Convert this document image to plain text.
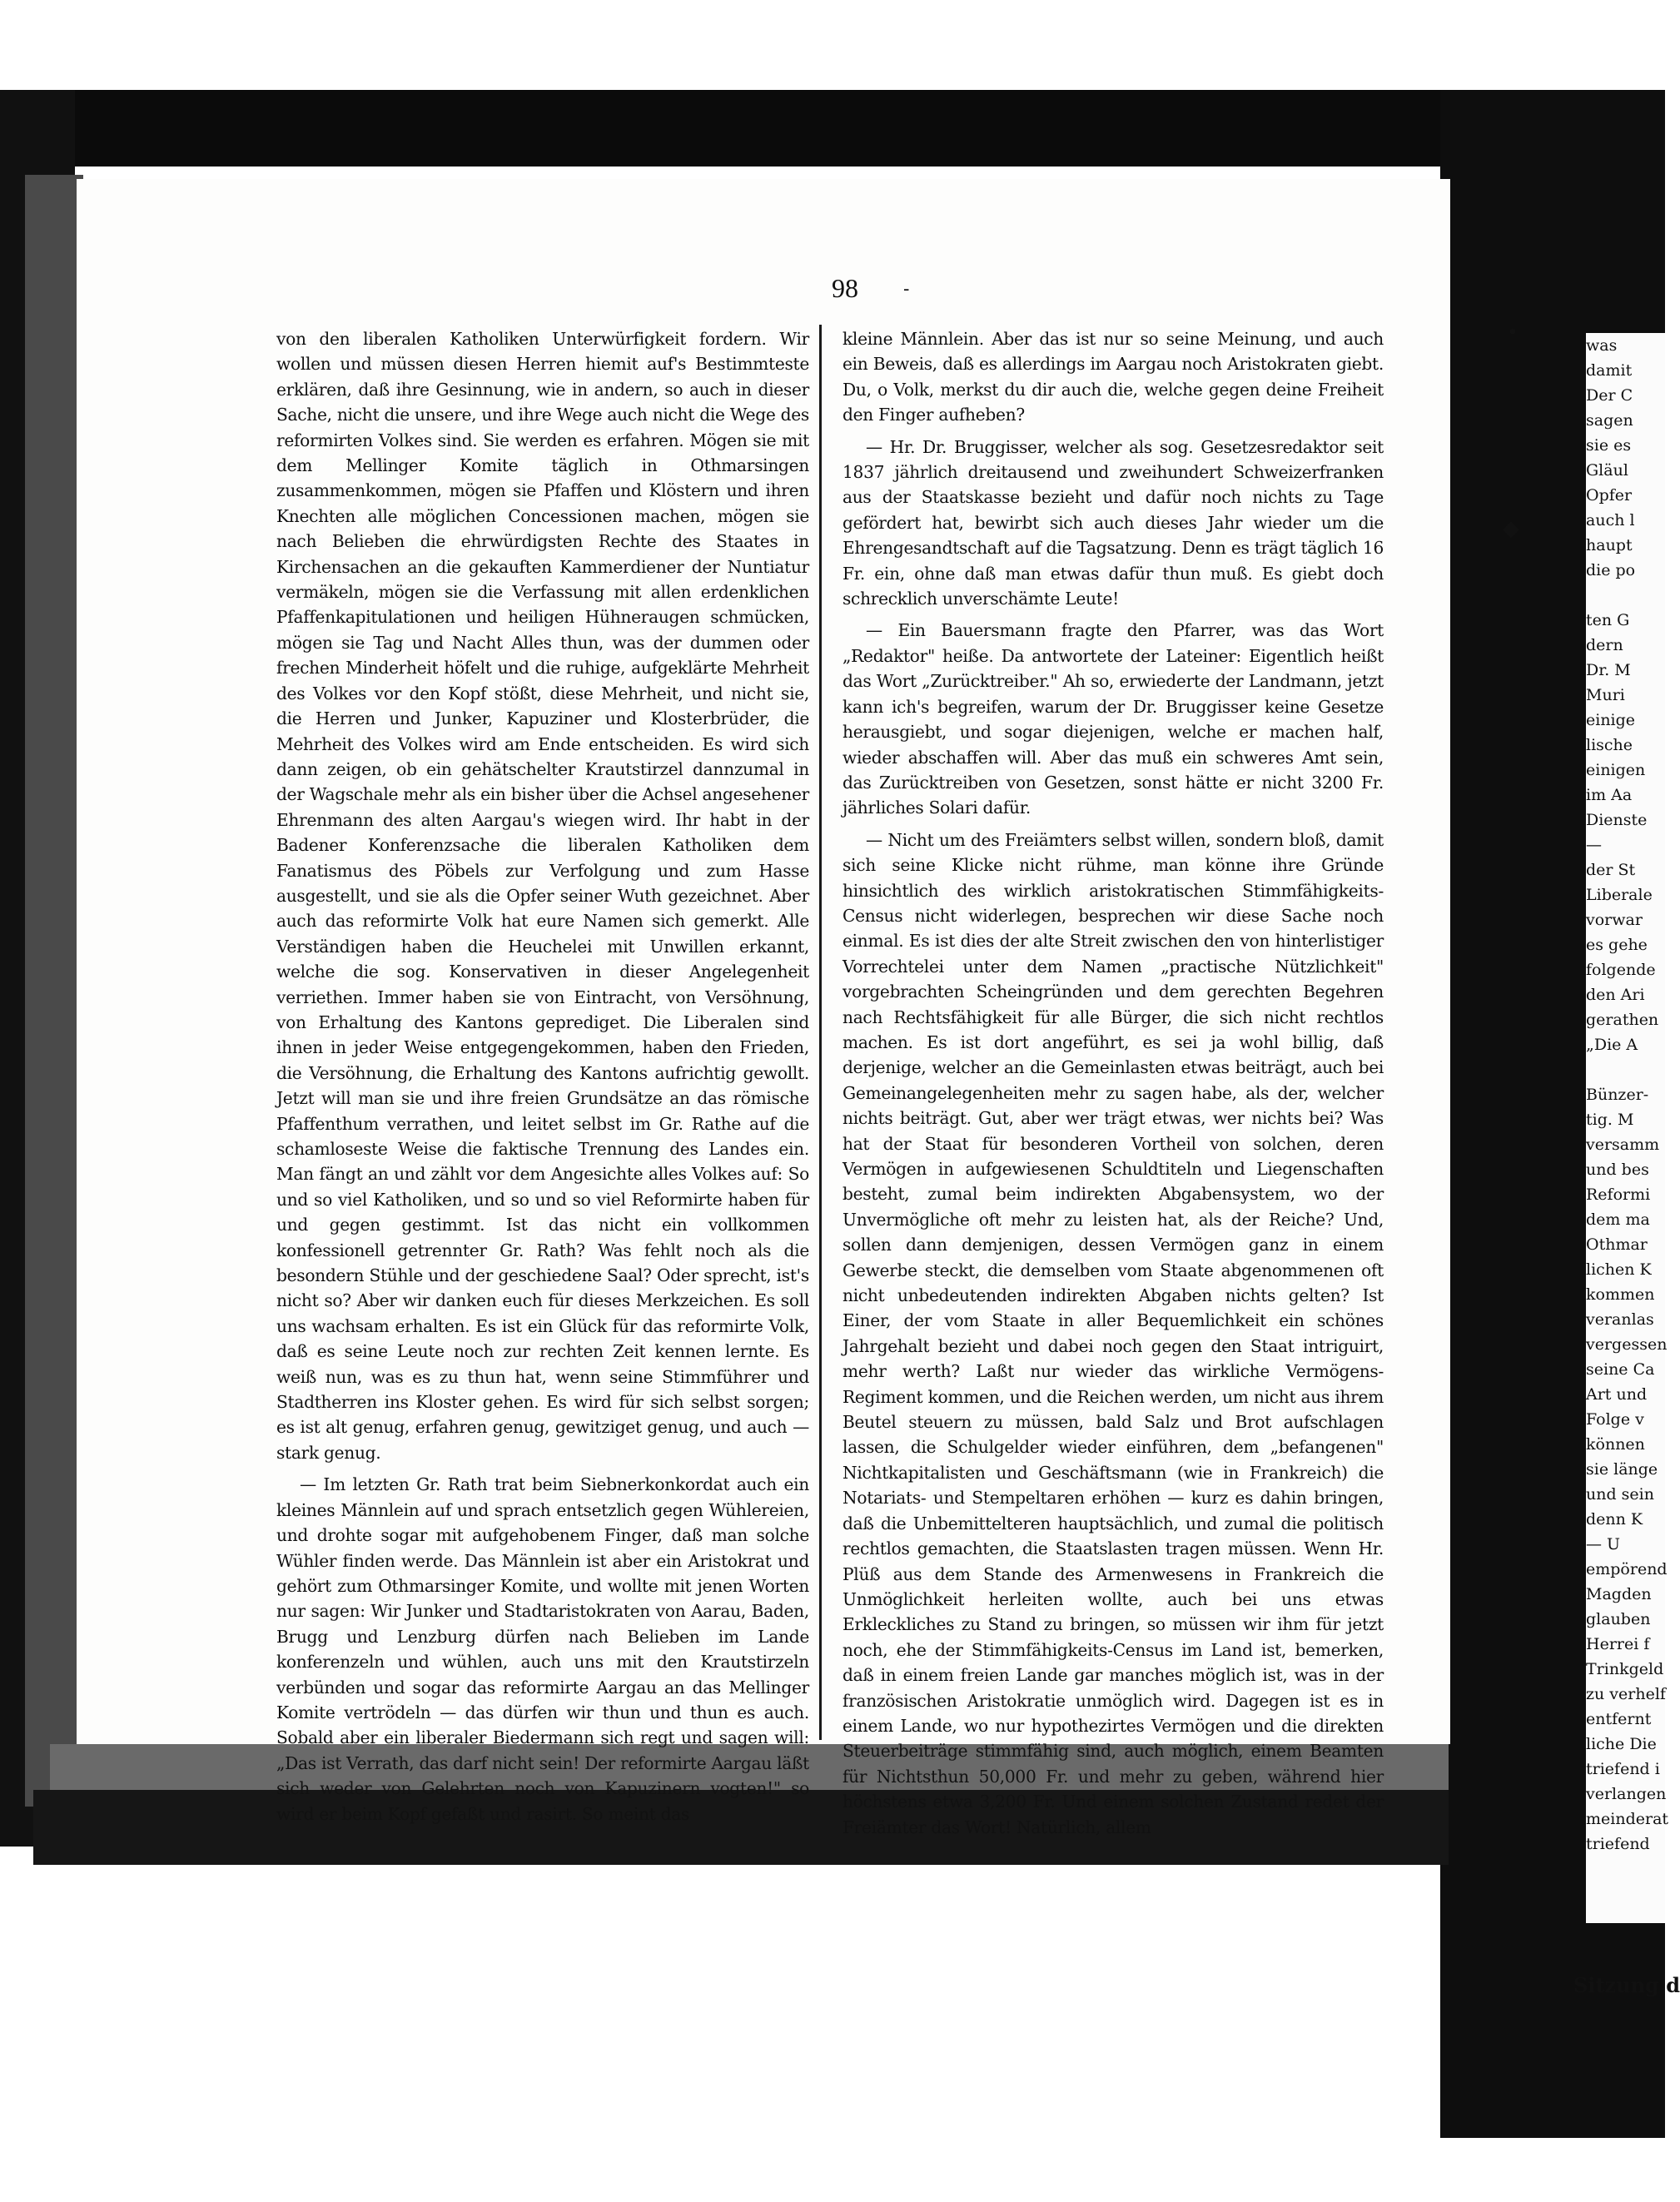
98	-

von den liberalen Katholiken Unterwürfigkeit fordern. Wir wollen und müssen diesen Herren hiemit auf's Bestimmteste erklären, daß ihre Gesinnung, wie in andern, so auch in dieser Sache, nicht die unsere, und ihre Wege auch nicht die Wege des reformirten Volkes sind. Sie werden es erfahren. Mögen sie mit dem Mellinger Komite täglich in Othmarsingen zusammenkommen, mögen sie Pfaffen und Klöstern und ihren Knechten alle möglichen Concessionen machen, mögen sie nach Belieben die ehrwürdigsten Rechte des Staates in Kirchensachen an die gekauften Kammerdiener der Nuntiatur vermäkeln, mögen sie die Verfassung mit allen erdenklichen Pfaffenkapitulationen und heiligen Hühneraugen schmücken, mögen sie Tag und Nacht Alles thun, was der dummen oder frechen Minderheit höfelt und die ruhige, aufgeklärte Mehrheit des Volkes vor den Kopf stößt, diese Mehrheit, und nicht sie, die Herren und Junker, Kapuziner und Klosterbrüder, die Mehrheit des Volkes wird am Ende entscheiden. Es wird sich dann zeigen, ob ein gehätschelter Krautstirzel dannzumal in der Wagschale mehr als ein bisher über die Achsel angesehener Ehrenmann des alten Aargau's wiegen wird. Ihr habt in der Badener Konferenzsache die liberalen Katholiken dem Fanatismus des Pöbels zur Verfolgung und zum Hasse ausgestellt, und sie als die Opfer seiner Wuth gezeichnet. Aber auch das reformirte Volk hat eure Namen sich gemerkt. Alle Verständigen haben die Heuchelei mit Unwillen erkannt, welche die sog. Konservativen in dieser Angelegenheit verriethen. Immer haben sie von Eintracht, von Versöhnung, von Erhaltung des Kantons geprediget. Die Liberalen sind ihnen in jeder Weise entgegengekommen, haben den Frieden, die Versöhnung, die Erhaltung des Kantons aufrichtig gewollt. Jetzt will man sie und ihre freien Grundsätze an das römische Pfaffenthum verrathen, und leitet selbst im Gr. Rathe auf die schamloseste Weise die faktische Trennung des Landes ein. Man fängt an und zählt vor dem Angesichte alles Volkes auf: So und so viel Katholiken, und so und so viel Reformirte haben für und gegen gestimmt. Ist das nicht ein vollkommen konfessionell getrennter Gr. Rath? Was fehlt noch als die besondern Stühle und der geschiedene Saal? Oder sprecht, ist's nicht so? Aber wir danken euch für dieses Merkzeichen. Es soll uns wachsam erhalten. Es ist ein Glück für das reformirte Volk, daß es seine Leute noch zur rechten Zeit kennen lernte. Es weiß nun, was es zu thun hat, wenn seine Stimmführer und Stadtherren ins Kloster gehen. Es wird für sich selbst sorgen; es ist alt genug, erfahren genug, gewitziget genug, und auch — stark genug.

— Im letzten Gr. Rath trat beim Siebnerkonkordat auch ein kleines Männlein auf und sprach entsetzlich gegen Wühlereien, und drohte sogar mit aufgehobenem Finger, daß man solche Wühler finden werde. Das Männlein ist aber ein Aristokrat und gehört zum Othmarsinger Komite, und wollte mit jenen Worten nur sagen: Wir Junker und Stadtaristokraten von Aarau, Baden, Brugg und Lenzburg dürfen nach Belieben im Lande konferenzeln und wühlen, auch uns mit den Krautstirzeln verbünden und sogar das reformirte Aargau an das Mellinger Komite vertrödeln — das dürfen wir thun und thun es auch. Sobald aber ein liberaler Biedermann sich regt und sagen will: „Das ist Verrath, das darf nicht sein! Der reformirte Aargau läßt sich weder von Gelehrten noch von Kapuzinern vogten!" so wird er beim Kopf gefaßt und rasirt. So meint das

kleine Männlein. Aber das ist nur so seine Meinung, und auch ein Beweis, daß es allerdings im Aargau noch Aristokraten giebt. Du, o Volk, merkst du dir auch die, welche gegen deine Freiheit den Finger aufheben?

— Hr. Dr. Bruggisser, welcher als sog. Gesetzesredaktor seit 1837 jährlich dreitausend und zweihundert Schweizerfranken aus der Staatskasse bezieht und dafür noch nichts zu Tage gefördert hat, bewirbt sich auch dieses Jahr wieder um die Ehrengesandtschaft auf die Tagsatzung. Denn es trägt täglich 16 Fr. ein, ohne daß man etwas dafür thun muß. Es giebt doch schrecklich unverschämte Leute!

— Ein Bauersmann fragte den Pfarrer, was das Wort „Redaktor" heiße. Da antwortete der Lateiner: Eigentlich heißt das Wort „Zurücktreiber." Ah so, erwiederte der Landmann, jetzt kann ich's begreifen, warum der Dr. Bruggisser keine Gesetze herausgiebt, und sogar diejenigen, welche er machen half, wieder abschaffen will. Aber das muß ein schweres Amt sein, das Zurücktreiben von Gesetzen, sonst hätte er nicht 3200 Fr. jährliches Solari dafür.

— Nicht um des Freiämters selbst willen, sondern bloß, damit sich seine Klicke nicht rühme, man könne ihre Gründe hinsichtlich des wirklich aristokratischen Stimmfähigkeits-Census nicht widerlegen, besprechen wir diese Sache noch einmal. Es ist dies der alte Streit zwischen den von hinterlistiger Vorrechtelei unter dem Namen „practische Nützlichkeit" vorgebrachten Scheingründen und dem gerechten Begehren nach Rechtsfähigkeit für alle Bürger, die sich nicht rechtlos machen. Es ist dort angeführt, es sei ja wohl billig, daß derjenige, welcher an die Gemeinlasten etwas beiträgt, auch bei Gemeinangelegenheiten mehr zu sagen habe, als der, welcher nichts beiträgt. Gut, aber wer trägt etwas, wer nichts bei? Was hat der Staat für besonderen Vortheil von solchen, deren Vermögen in aufgewiesenen Schuldtiteln und Liegenschaften besteht, zumal beim indirekten Abgabensystem, wo der Unvermögliche oft mehr zu leisten hat, als der Reiche? Und, sollen dann demjenigen, dessen Vermögen ganz in einem Gewerbe steckt, die demselben vom Staate abgenommenen oft nicht unbedeutenden indirekten Abgaben nichts gelten? Ist Einer, der vom Staate in aller Bequemlichkeit ein schönes Jahrgehalt bezieht und dabei noch gegen den Staat intriguirt, mehr werth? Laßt nur wieder das wirkliche Vermögens-Regiment kommen, und die Reichen werden, um nicht aus ihrem Beutel steuern zu müssen, bald Salz und Brot aufschlagen lassen, die Schulgelder wieder einführen, dem „befangenen" Nichtkapitalisten und Geschäftsmann (wie in Frankreich) die Notariats- und Stempeltaren erhöhen — kurz es dahin bringen, daß die Unbemittelteren hauptsächlich, und zumal die politisch rechtlos gemachten, die Staatslasten tragen müssen. Wenn Hr. Plüß aus dem Stande des Armenwesens in Frankreich die Unmöglichkeit herleiten wollte, auch bei uns etwas Erkleckliches zu Stand zu bringen, so müssen wir ihm für jetzt noch, ehe der Stimmfähigkeits-Census im Land ist, bemerken, daß in einem freien Lande gar manches möglich ist, was in der französischen Aristokratie unmöglich wird. Dagegen ist es in einem Lande, wo nur hypothezirtes Vermögen und die direkten Steuerbeiträge stimmfähig sind, auch möglich, einem Beamten für Nichtsthun 50,000 Fr. und mehr zu geben, während hier höchstens etwa 3,200 Fr. Und einem solchen Zustand redet der Freiämter das Wort! Natürlich, allem

•
◆

was

damit

Der C

sagen

sie es

Gläul

Opfer

auch l

haupt

die po

ten G

dern

Dr. M

Muri

einige

lische

einigen

im Aa

Dienste

—

der St

Liberale

vorwar

es gehe

folgende

den Ari

gerathen

„Die A

Bünzer-

tig. M

versamm

und bes

Reformi

dem ma

Othmar

lichen K

kommen

veranlas

vergessen

seine Ca

Art und

Folge v

können

sie länge

und sein

denn K

— U

empörend

Magden

glauben

Herrei f

Trinkgeld

zu verhelf

entfernt

liche Die

triefend i

verlangen

meinderat

triefend

Sitzung d
